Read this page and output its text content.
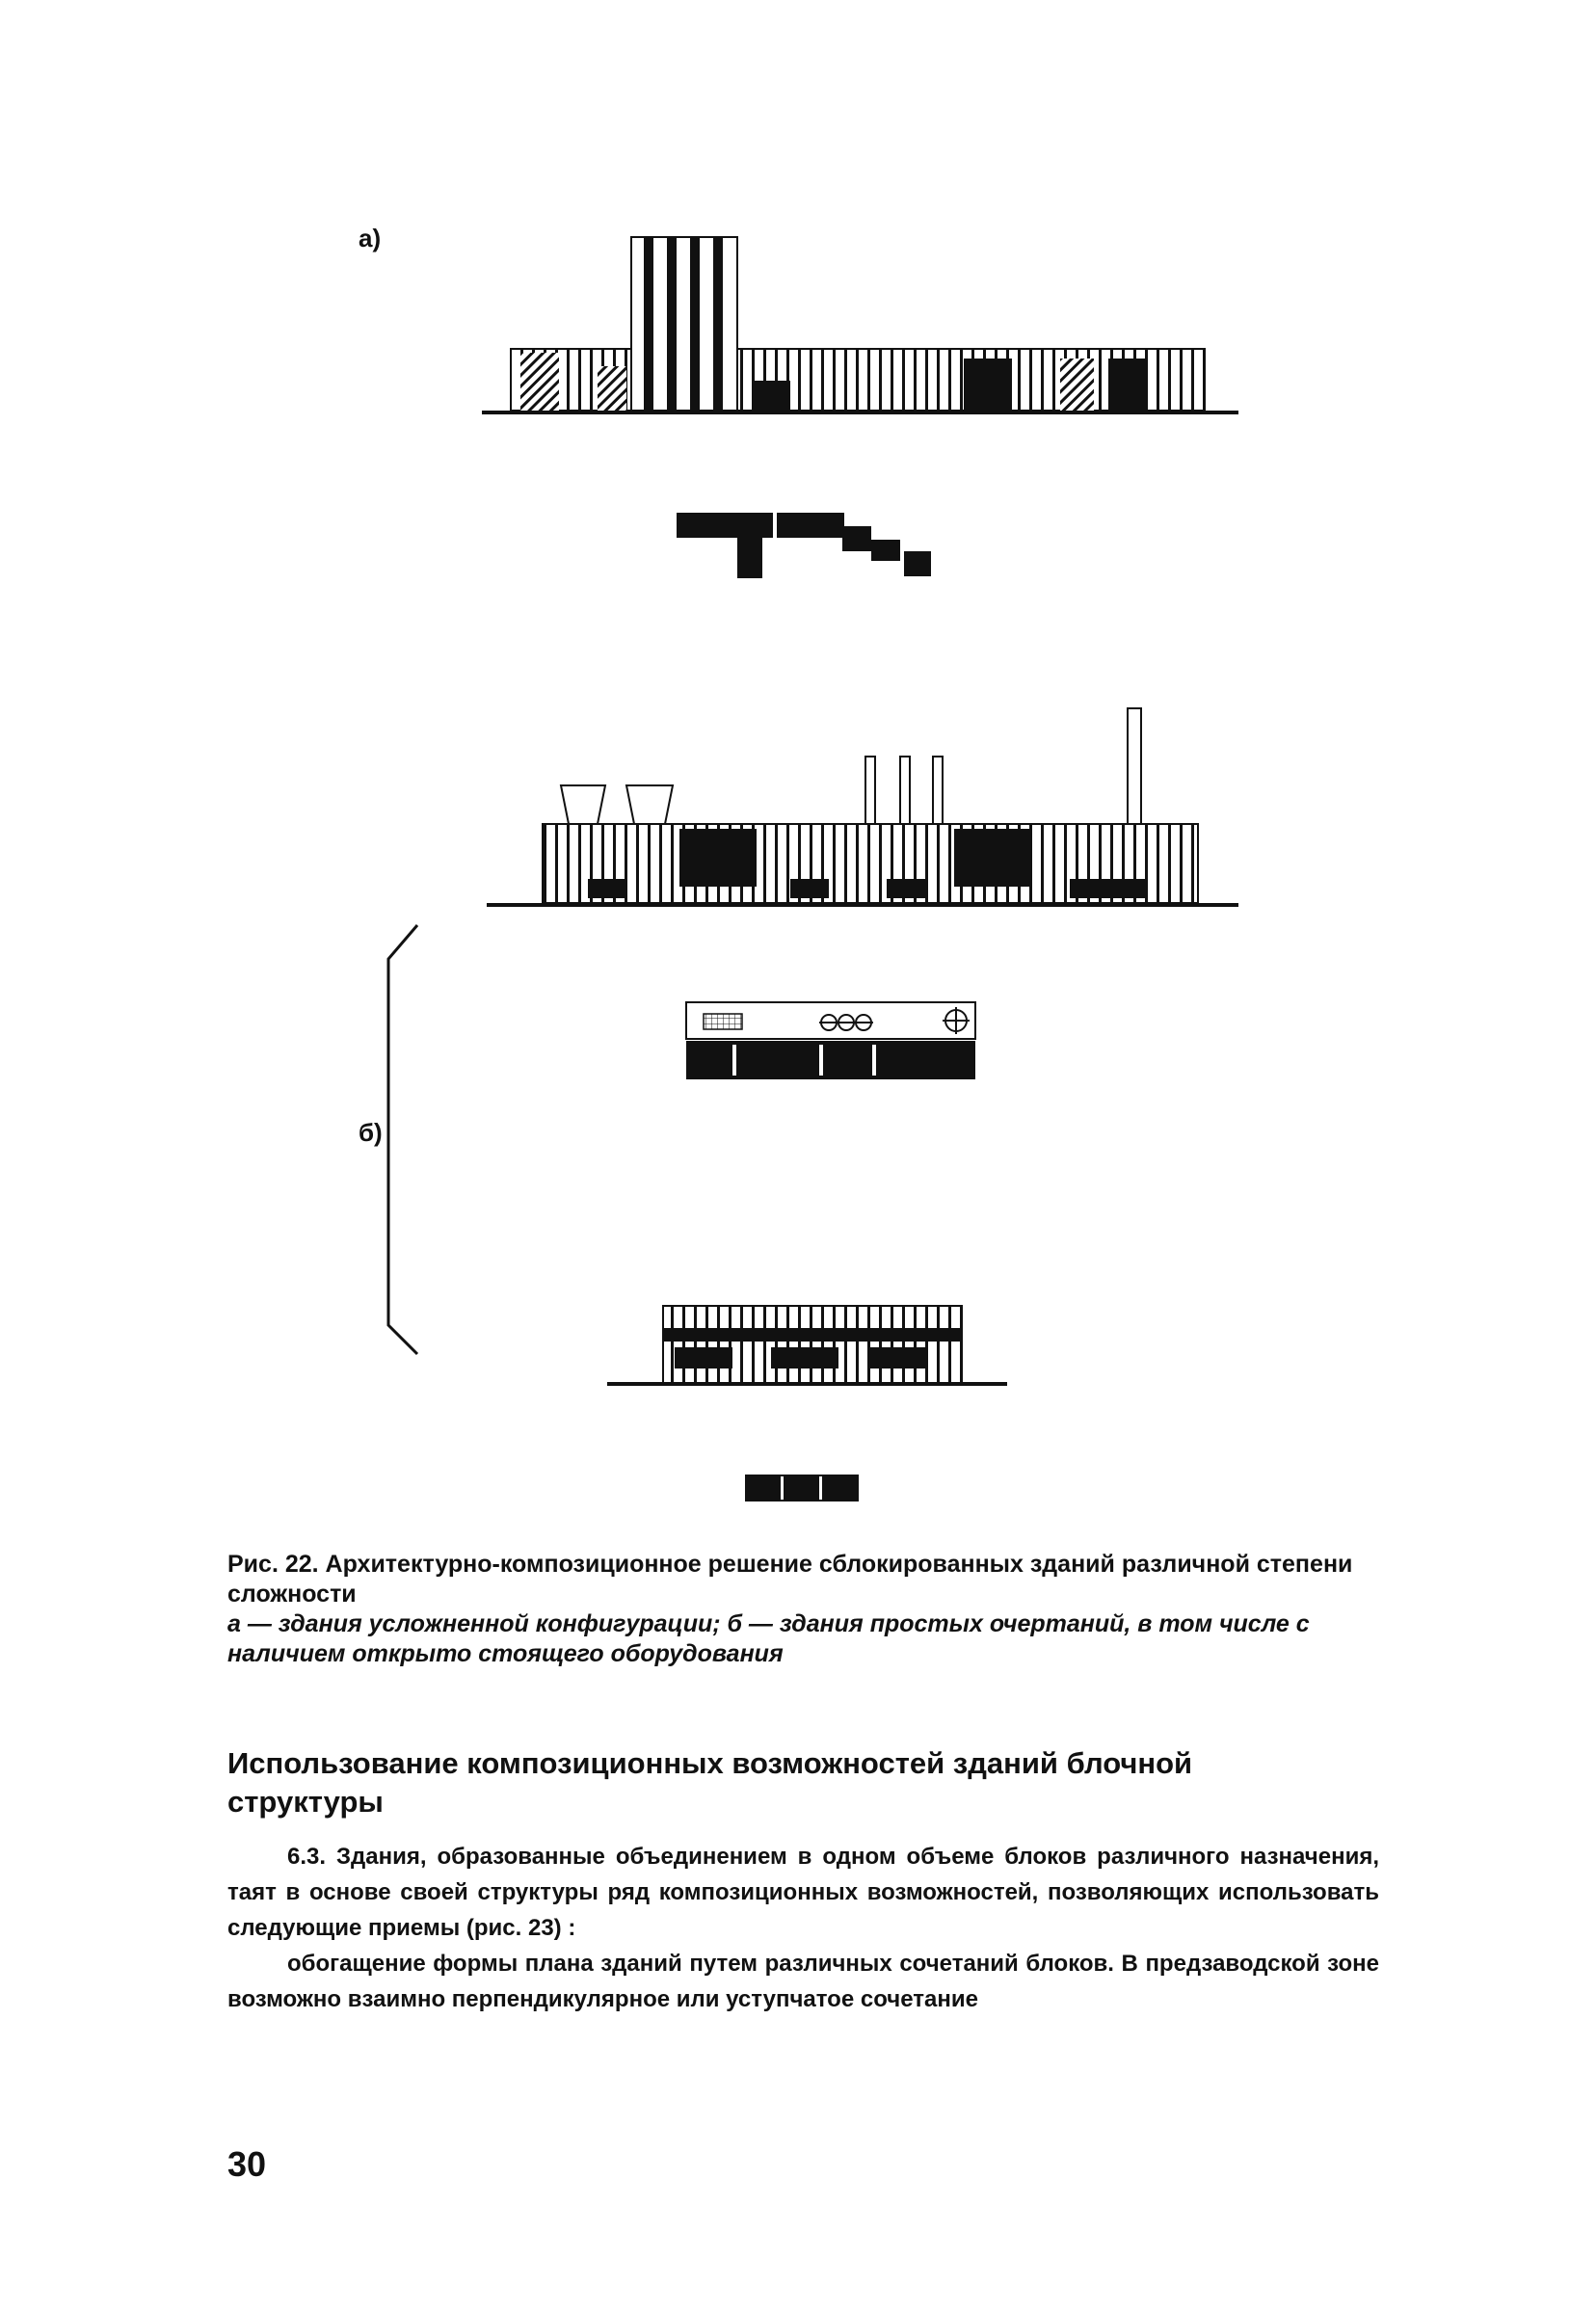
а)
б)
Рис. 22. Архитектурно-композиционное решение сблокированных зданий различной степени сложности
а — здания усложненной конфигурации; б — здания простых очертаний, в том числе с наличием открыто стоящего оборудования
Использование композиционных возможностей зданий блочной структуры

6.3. Здания, образованные объединением в одном объеме блоков различного назначения, таят в основе своей структуры ряд композиционных возможностей, позволяющих использовать следующие приемы (рис. 23) :

обогащение формы плана зданий путем различных сочетаний блоков. В предзаводской зоне возможно взаимно перпендикулярное или уступчатое сочетание

30
